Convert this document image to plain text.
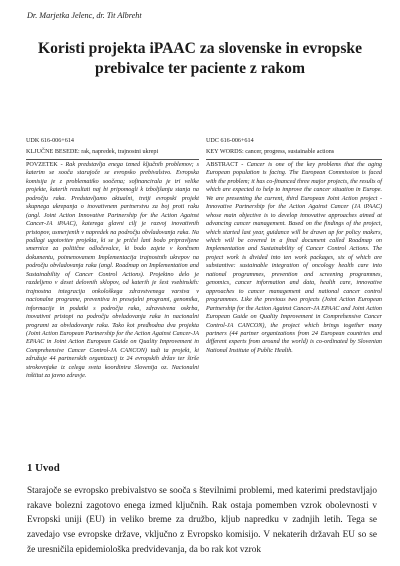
Dr. Marjetka Jelenc, dr. Tit Albreht
Koristi projekta iPAAC za slovenske in evropske prebivalce ter paciente z rakom
UDK 616-006+614
KLJUČNE BESEDE: rak, napredek, trajnostni ukrepi
POVZETEK - Rak predstavlja enega izmed ključnih problemov; s katerim se sooča starajoče se evropsko prebivalstvo. Evropska komisija je z problematiko soočena; sofinancirala je tri velike projekte, katerih rezultati naj bi pripomogli k izboljšanju stanja na področju raka. Predstavljamo aktualni, tretji evropski projekt skupnega ukrepanja o inovativnem partnerstvu za boj proti raku (angl. Joint Action Innovative Partnership for the Action Against Cancer-JA iPAAC), katerega glavni cilj je razvoj inovativnih pristopov, usmerjenih v napredek na področju obvladovanja raka. Na podlagi ugotovitev projekta, ki se je pričel lani bodo pripravljene smernice za politične odločevalce, ki bodo zajete v končnem dokumentu, poimenovanem Implementacija trajnostnih ukrepov na področju obvladovanja raka (angl. Roadmap on Implementation and Sustainability of Cancer Control Actions). Projektno delo je razdeljeno v deset delovnih sklopov, od katerih je šest vsebinskih: trajnostna integracija onkološkega zdravstvenega varstva v nacionalne programe, preventiva in presejalni programi, genomika, informacije in podatki s področja raka, zdravstvena oskrba, inovativni pristopi na področju obvladovanja raka in nacionalni programi za obvladovanje raka. Tako kot predhodna dva projekta (Joint Action European Partnership for the Action Against Cancer-JA EPAAC in Joint Action European Guide on Quality Improvement in Comprehensive Cancer Control-JA CANCON) tudi ta projekt, ki združuje 44 partnerskih organizacij iz 24 evropskih držav ter širše strokovnjake iz celega sveta koordinira Slovenija oz. Nacionalni inštitut za javno zdravje.
UDC 616-006+614
KEY WORDS: cancer, progress, sustainable actions
ABSTRACT - Cancer is one of the key problems that the aging European population is facing. The European Commission is faced with the problem; it has co-financed three major projects, the results of which are expected to help to improve the cancer situation in Europe. We are presenting the current, third European Joint Action project - Innovative Partnership for the Action Against Cancer (JA iPAAC) whose main objective is to develop innovative approaches aimed at advancing cancer management. Based on the findings of the project, which started last year, guidance will be drawn up for policy makers, which will be covered in a final document called Roadmap on Implementation and Sustainability of Cancer Control Actions. The project work is divided into ten work packages, six of which are substantive: sustainable integration of oncology health care into national programmes, prevention and screening programmes, genomics, cancer information and data, health care, innovative approaches to cancer management and national cancer control programmes. Like the previous two projects (Joint Action European Partnership for the Action Against Cancer-JA EPAAC and Joint Action European Guide on Quality Improvement in Comprehensive Cancer Control-JA CANCON), the project which brings together many partners (44 partner organizations from 24 European countries and different experts from around the world) is co-ordinated by Slovenian National Institute of Public Health.
1 Uvod
Starajoče se evropsko prebivalstvo se sooča s številnimi problemi, med katerimi predstavljajo rakave bolezni zagotovo enega izmed ključnih. Rak ostaja pomemben vzrok obolevnosti v Evropski uniji (EU) in veliko breme za družbo, kljub napredku v zadnjih letih. Tega se zavedajo vse evropske države, vključno z Evropsko komisijo. V nekaterih državah EU so se že uresničila epidemiološka predvidevanja, da bo rak kot vzrok
